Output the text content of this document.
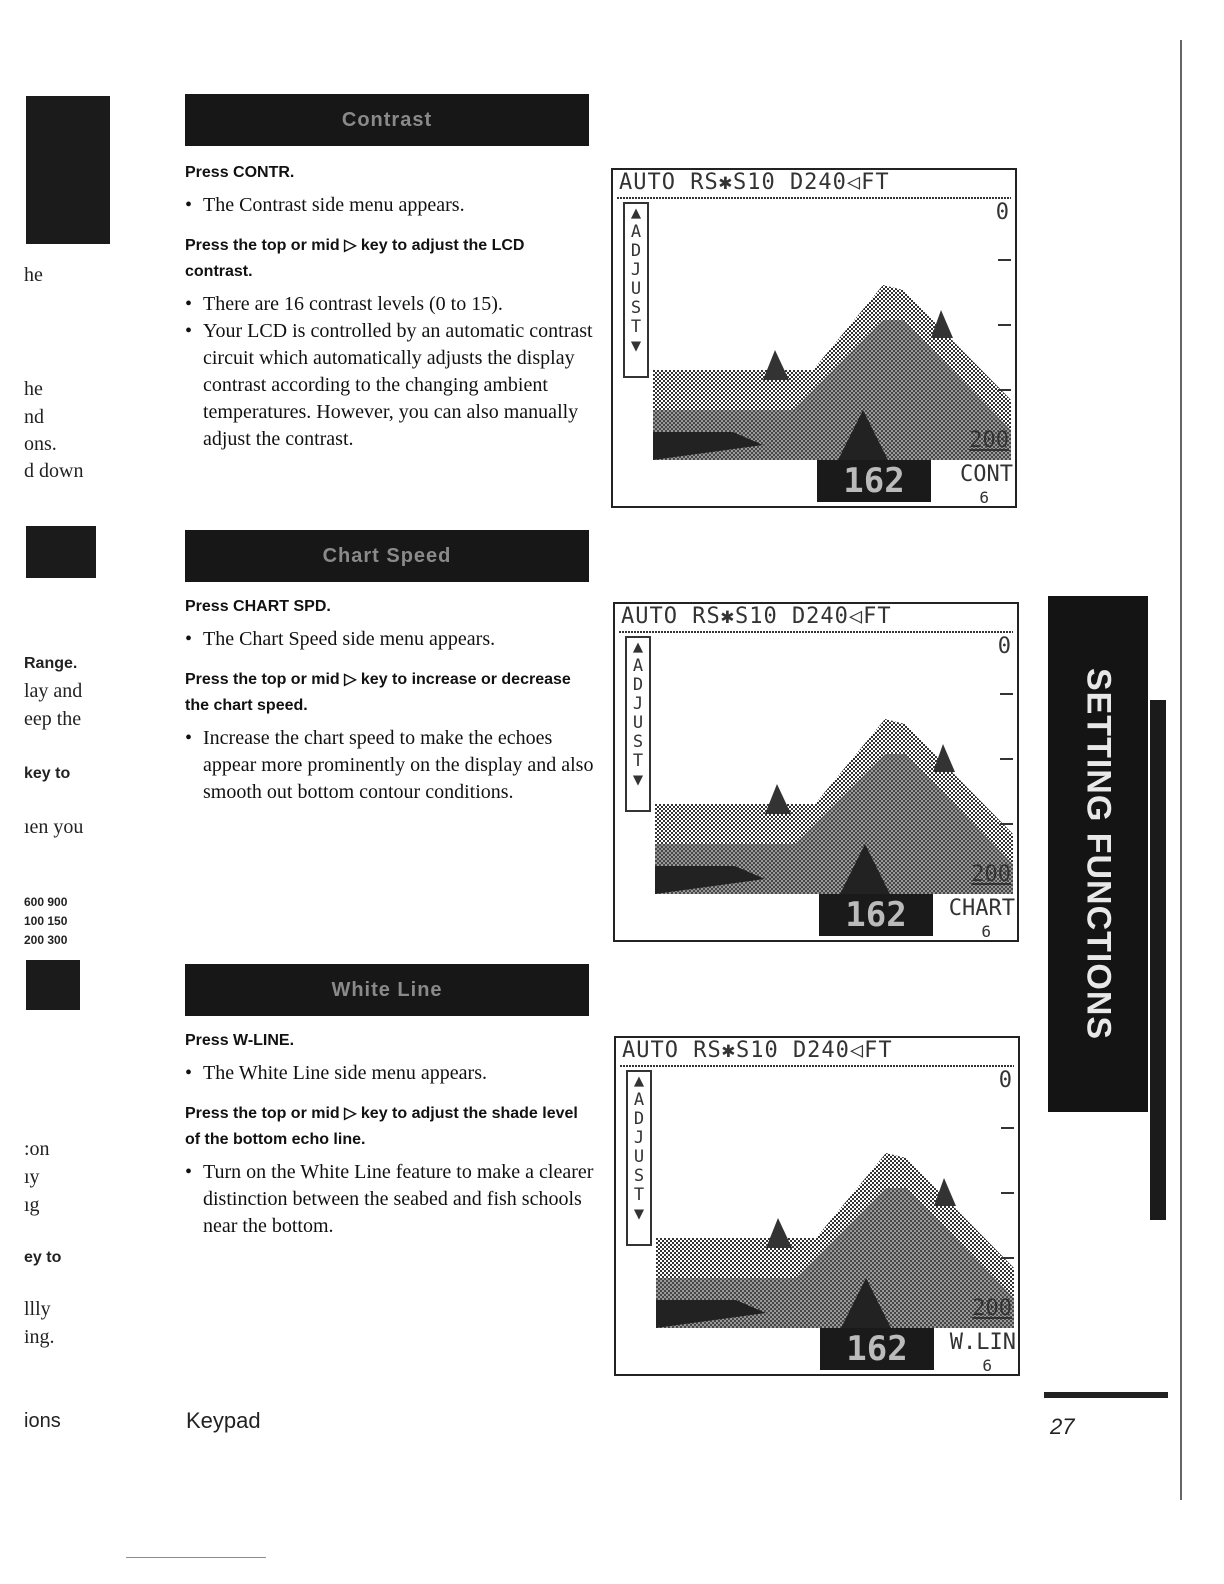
he
he
nd
ons.
d down
Range.
lay and
eep the
key to
ıen you
600 900
100 150
200 300
:on
ıy
ıg
ey to
llly
ing.
ions
Contrast
Chart Speed
White Line

Press CONTR.

• The Contrast side menu appears.

Press the top or mid ▷ key to adjust the LCD contrast.

• There are 16 contrast levels (0 to 15).

• Your LCD is controlled by an automatic contrast circuit which automatically adjusts the display contrast according to the changing ambient temperatures. However, you can also manually adjust the contrast.

Press CHART SPD.

• The Chart Speed side menu appears.

Press the top or mid ▷ key to increase or decrease the chart speed.

• Increase the chart speed to make the echoes appear more prominently on the display and also smooth out bottom contour conditions.

Press W-LINE.

• The White Line side menu appears.

Press the top or mid ▷ key to adjust the shade level of the bottom echo line.

• Turn on the White Line feature to make a clearer distinction between the seabed and fish schools near the bottom.

AUTO RS✱S10 D240◁FT
▲
A
D
J
U
S
T
▼
0
200
162	CONT
6
AUTO RS✱S10 D240◁FT
▲
A
D
J
U
S
T
▼
0
200
162	CHART
6
AUTO RS✱S10 D240◁FT
▲
A
D
J
U
S
T
▼
0
200
162	W.LIN
6
SETTING FUNCTIONS
Keypad	27
